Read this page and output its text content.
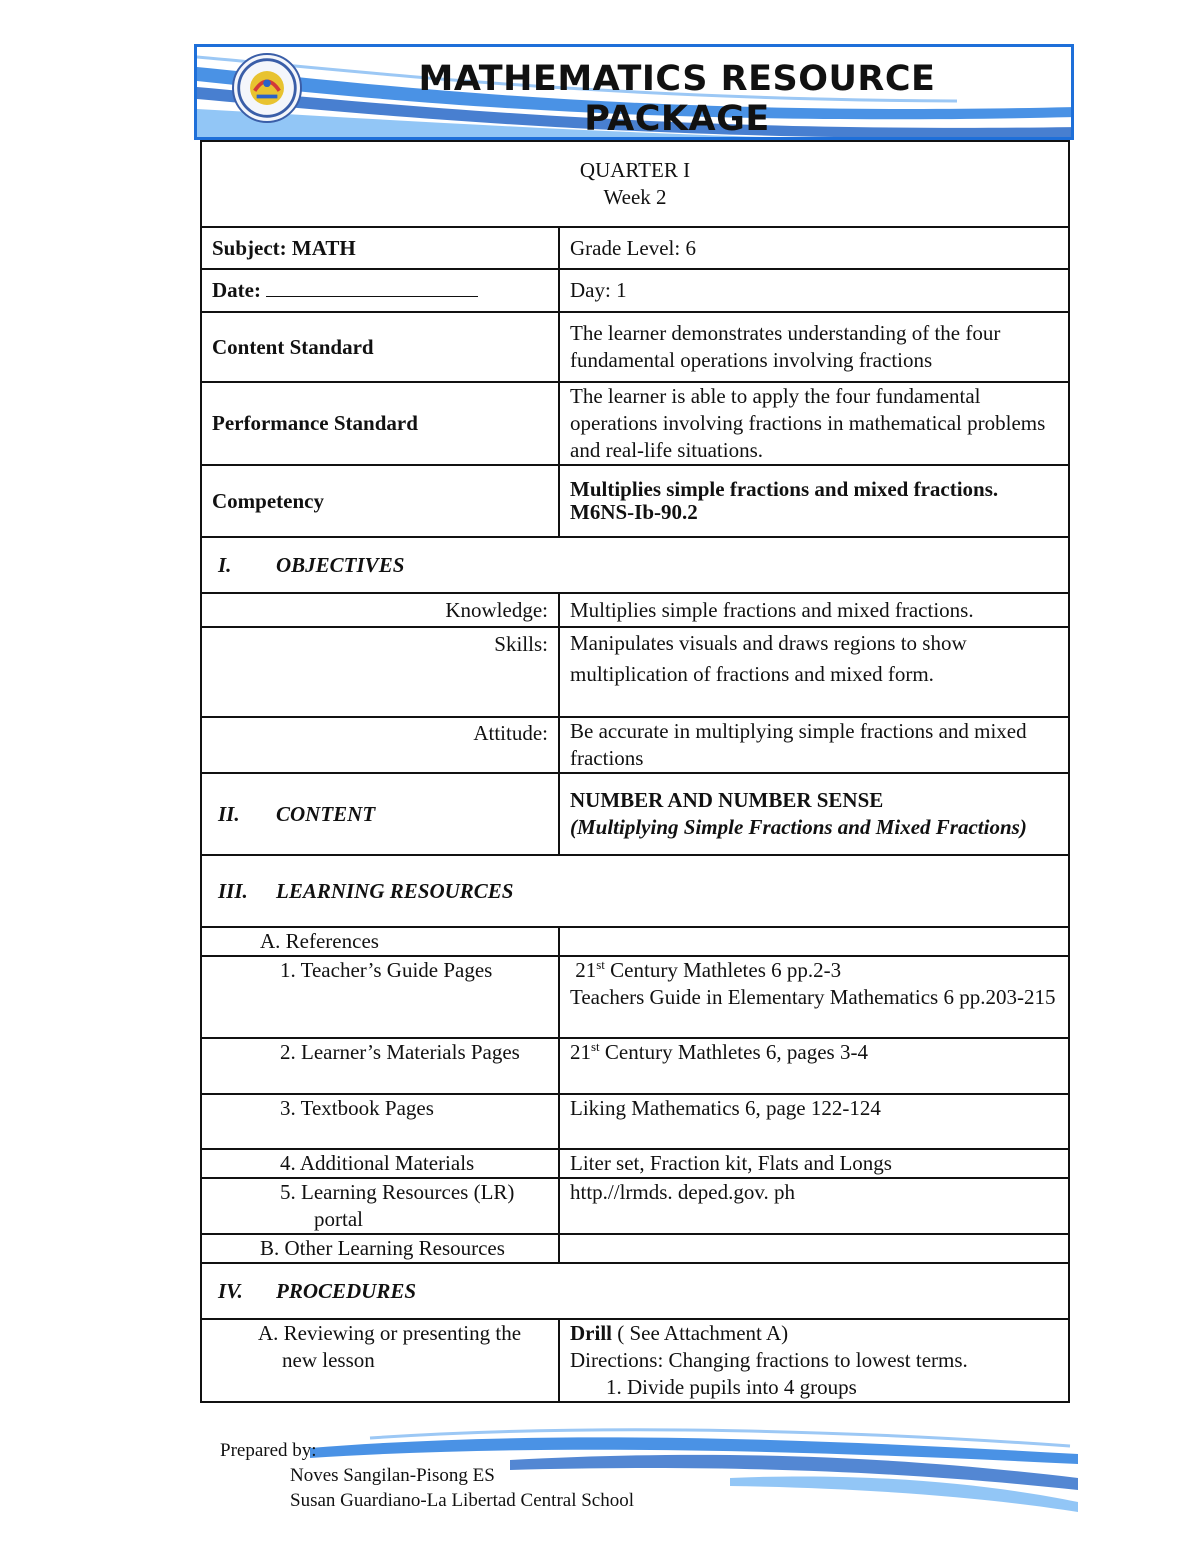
MATHEMATICS RESOURCE PACKAGE
QUARTER I
Week 2	

Subject: MATH	Grade Level: 6
Date:	Day: 1
Content Standard	The learner demonstrates understanding of the four fundamental operations involving fractions
Performance Standard	The learner is able to apply the four fundamental operations involving fractions in mathematical problems and real-life situations.
Competency	Multiplies simple fractions and mixed fractions.
M6NS-Ib-90.2

I. OBJECTIVES	
Knowledge:	Multiplies simple fractions and mixed fractions.
Skills:	Manipulates visuals and draws regions to show multiplication of fractions and mixed form.
Attitude:	Be accurate in multiplying simple fractions and mixed fractions
II. CONTENT	NUMBER AND NUMBER SENSE
(Multiplying Simple Fractions and Mixed Fractions)

III. LEARNING RESOURCES	
A. References	
1. Teacher’s Guide Pages	21st Century Mathletes 6 pp.2-3
Teachers Guide in Elementary Mathematics 6 pp.203-215

2. Learner’s Materials Pages	21st Century Mathletes 6, pages 3-4
3. Textbook Pages	Liking Mathematics 6, page 122-124
4. Additional Materials	Liter set, Fraction kit, Flats and Longs
5. Learning Resources (LR) portal	http.//lrmds. deped.gov. ph
B. Other Learning Resources	
IV. PROCEDURES	
A. Reviewing or presenting the new lesson	Drill ( See Attachment A)
Directions: Changing fractions to lowest terms.
1. Divide pupils into 4 groups
Prepared by:
Noves Sangilan-Pisong ES
Susan Guardiano-La Libertad Central School
